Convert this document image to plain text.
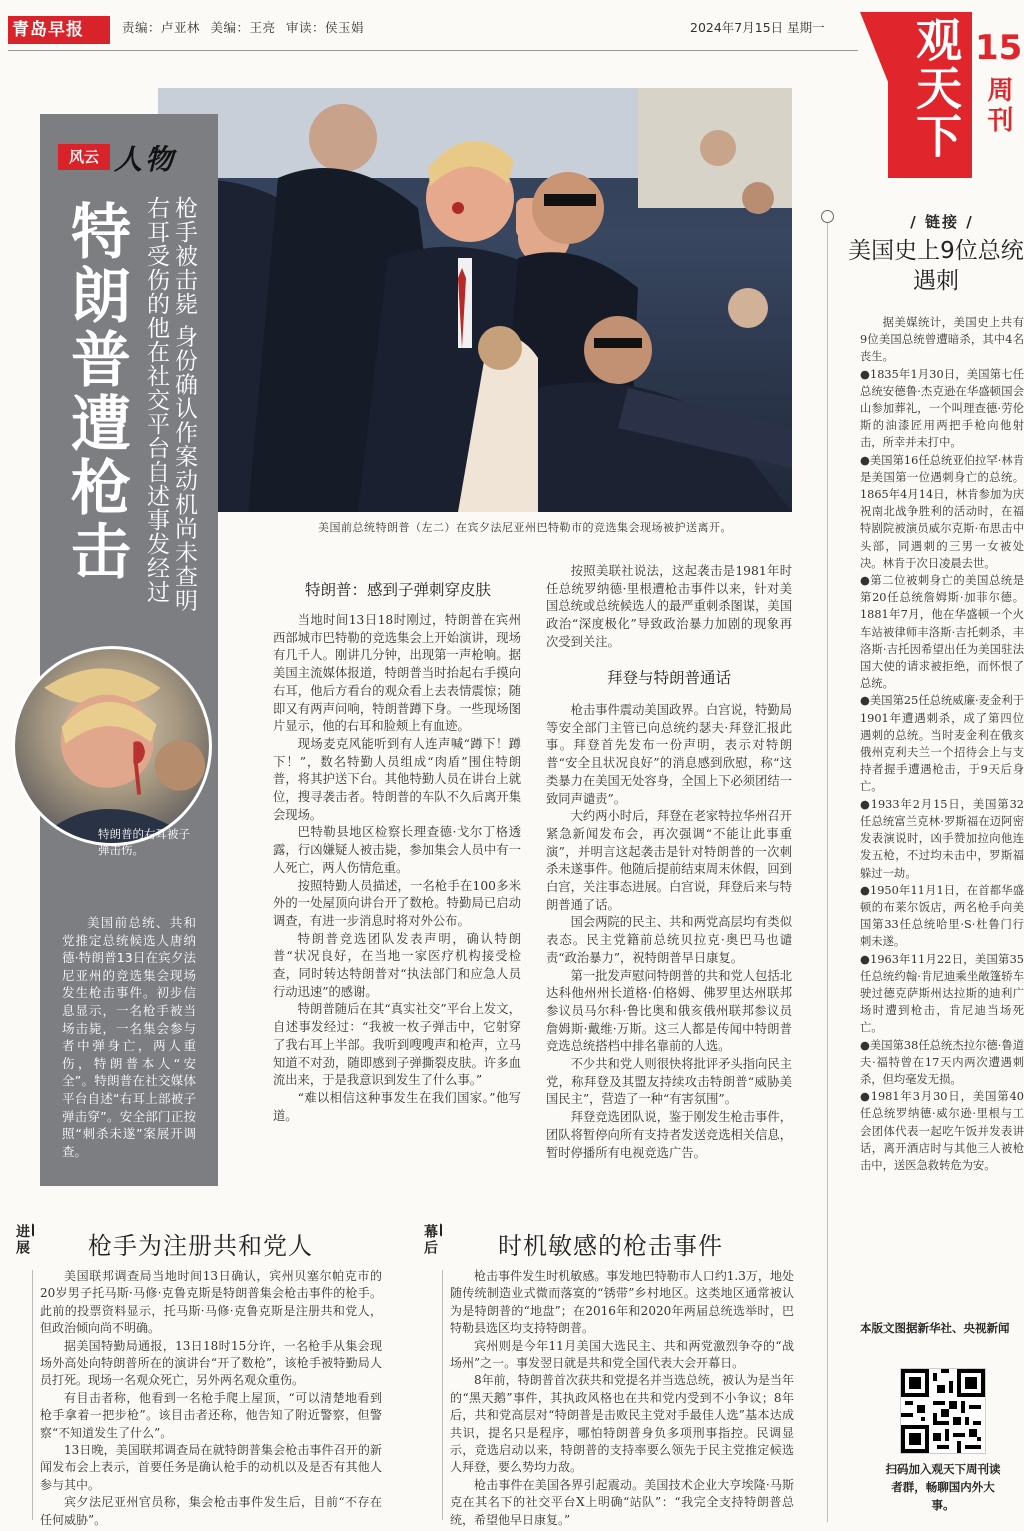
青岛早报	责编：卢亚林 美编：王亮 审读：侯玉娟	2024年7月15日 星期一 观天下 15
周刊
美国前总统特朗普（左二）在宾夕法尼亚州巴特勒市的竞选集会现场被护送离开。
风云 人物
特朗普遭枪击	枪手被击毙 身份确认作案动机尚未查明 右耳受伤的他在社交平台自述事发经过
特朗普的右耳被子弹击伤。

美国前总统、共和党推定总统候选人唐纳德·特朗普13日在宾夕法尼亚州的竞选集会现场发生枪击事件。初步信息显示，一名枪手被当场击毙，一名集会参与者中弹身亡，两人重伤，特朗普本人“安全”。特朗普在社交媒体平台自述“右耳上部被子弹击穿”。安全部门正按照“刺杀未遂”案展开调查。

特朗普：感到子弹刺穿皮肤

当地时间13日18时刚过，特朗普在宾州西部城市巴特勒的竞选集会上开始演讲，现场有几千人。刚讲几分钟，出现第一声枪响。据美国主流媒体报道，特朗普当时抬起右手摸向右耳，他后方看台的观众看上去表情震惊；随即又有两声问响，特朗普蹲下身。一些现场图片显示，他的右耳和脸颊上有血迹。

现场麦克风能听到有人连声喊“蹲下！蹲下！”，数名特勤人员组成“肉盾”围住特朗普，将其护送下台。其他特勤人员在讲台上就位，搜寻袭击者。特朗普的车队不久后离开集会现场。

巴特勒县地区检察长理查德·戈尔丁格透露，行凶嫌疑人被击毙，参加集会人员中有一人死亡，两人伤情危重。

按照特勤人员描述，一名枪手在100多米外的一处屋顶向讲台开了数枪。特勤局已启动调查，有进一步消息时将对外公布。

特朗普竞选团队发表声明，确认特朗普“状况良好，在当地一家医疗机构接受检查，同时转达特朗普对“执法部门和应急人员行动迅速”的感谢。

特朗普随后在其“真实社交”平台上发文，自述事发经过：“我被一枚子弹击中，它射穿了我右耳上半部。我听到嗖嗖声和枪声，立马知道不对劲，随即感到子弹撕裂皮肤。许多血流出来，于是我意识到发生了什么事。”

“难以相信这种事发生在我们国家。”他写道。

按照美联社说法，这起袭击是1981年时任总统罗纳德·里根遭枪击事件以来，针对美国总统或总统候选人的最严重刺杀图谋，美国政治“深度极化”导致政治暴力加剧的现象再次受到关注。

拜登与特朗普通话

枪击事件震动美国政界。白宫说，特勤局等安全部门主管已向总统约瑟夫·拜登汇报此事。拜登首先发布一份声明，表示对特朗普“安全且状况良好”的消息感到欣慰，称“这类暴力在美国无处容身，全国上下必须团结一致同声谴责”。

大约两小时后，拜登在老家特拉华州召开紧急新闻发布会，再次强调“不能让此事重演”，并明言这起袭击是针对特朗普的一次刺杀未遂事件。他随后提前结束周末休假，回到白宫，关注事态进展。白宫说，拜登后来与特朗普通了话。

国会两院的民主、共和两党高层均有类似表态。民主党籍前总统贝拉克·奥巴马也谴责“政治暴力”，祝特朗普早日康复。

第一批发声慰问特朗普的共和党人包括北达科他州州长道格·伯格姆、佛罗里达州联邦参议员马尔科·鲁比奥和俄亥俄州联邦参议员詹姆斯·戴维·万斯。这三人都是传闻中特朗普竞选总统搭档中排名靠前的人选。

不少共和党人则很快将批评矛头指向民主党，称拜登及其盟友持续攻击特朗普“威胁美国民主”，营造了一种“有害氛围”。

拜登竞选团队说，鉴于刚发生枪击事件，团队将暂停向所有支持者发送竞选相关信息，暂时停播所有电视竞选广告。

进展 枪手为注册共和党人

美国联邦调查局当地时间13日确认，宾州贝塞尔帕克市的20岁男子托马斯·马修·克鲁克斯是特朗普集会枪击事件的枪手。此前的投票资料显示，托马斯·马修·克鲁克斯是注册共和党人，但政治倾向尚不明确。

据美国特勤局通报，13日18时15分许，一名枪手从集会现场外高处向特朗普所在的演讲台“开了数枪”，该枪手被特勤局人员打死。现场一名观众死亡，另外两名观众重伤。

有目击者称，他看到一名枪手爬上屋顶，“可以清楚地看到枪手拿着一把步枪”。该目击者还称，他告知了附近警察，但警察“不知道发生了什么”。

13日晚，美国联邦调查局在就特朗普集会枪击事件召开的新闻发布会上表示，首要任务是确认枪手的动机以及是否有其他人参与其中。

宾夕法尼亚州官员称，集会枪击事件发生后，目前“不存在任何威胁”。

幕后	时机敏感的枪击事件

枪击事件发生时机敏感。事发地巴特勒市人口约1.3万，地处随传统制造业式微而落寞的“锈带”乡村地区。这类地区通常被认为是特朗普的“地盘”；在2016年和2020年两届总统选举时，巴特勒县选区均支持特朗普。

宾州则是今年11月美国大选民主、共和两党激烈争夺的“战场州”之一。事发翌日就是共和党全国代表大会开幕日。

8年前，特朗普首次获共和党提名并当选总统，被认为是当年的“黑天鹅”事件，其执政风格也在共和党内受到不小争议；8年后，共和党高层对“特朗普是击败民主党对手最佳人选”基本达成共识，提名只是程序，哪怕特朗普身负多项刑事指控。民调显示，竞选启动以来，特朗普的支持率要么领先于民主党推定候选人拜登，要么势均力敌。

枪击事件在美国各界引起震动。美国技术企业大亨埃隆·马斯克在其名下的社交平台X上明确“站队”：“我完全支持特朗普总统，希望他早日康复。”

/ 链接 /
美国史上9位总统遇刺

据美媒统计，美国史上共有9位美国总统曾遭暗杀，其中4名丧生。

●1835年1月30日，美国第七任总统安德鲁·杰克逊在华盛顿国会山参加葬礼，一个叫理查德·劳伦斯的油漆匠用两把手枪向他射击，所幸并未打中。

●美国第16任总统亚伯拉罕·林肯是美国第一位遇刺身亡的总统。1865年4月14日，林肯参加为庆祝南北战争胜利的活动时，在福特剧院被演员威尔克斯·布思击中头部，同遇刺的三男一女被处决。林肯于次日凌晨去世。

●第二位被刺身亡的美国总统是第20任总统詹姆斯·加菲尔德。1881年7月，他在华盛顿一个火车站被律师丰洛斯·吉托刺杀，丰洛斯·吉托因希望出任为美国驻法国大使的请求被拒绝，而怀恨了总统。

●美国第25任总统威廉·麦金利于1901年遭遇刺杀，成了第四位遇刺的总统。当时麦金利在俄亥俄州克利夫兰一个招待会上与支持者握手遭遇枪击，于9天后身亡。

●1933年2月15日，美国第32任总统富兰克林·罗斯福在迈阿密发表演说时，凶手赞加拉向他连发五枪，不过均未击中，罗斯福躲过一劫。

●1950年11月1日，在首都华盛顿的布莱尔饭店，两名枪手向美国第33任总统哈里·S·杜鲁门行刺未遂。

●1963年11月22日，美国第35任总统约翰·肯尼迪乘坐敞篷轿车驶过德克萨斯州达拉斯的迪利广场时遭到枪击，肯尼迪当场死亡。

●美国第38任总统杰拉尔德·鲁道夫·福特曾在17天内两次遭遇刺杀，但均毫发无损。

●1981年3月30日，美国第40任总统罗纳德·威尔逊·里根与工会团体代表一起吃午饭并发表讲话，离开酒店时与其他三人被枪击中，送医急救转危为安。

本版文图据新华社、央视新闻
扫码加入观天下周刊读者群，畅聊国内外大事。
